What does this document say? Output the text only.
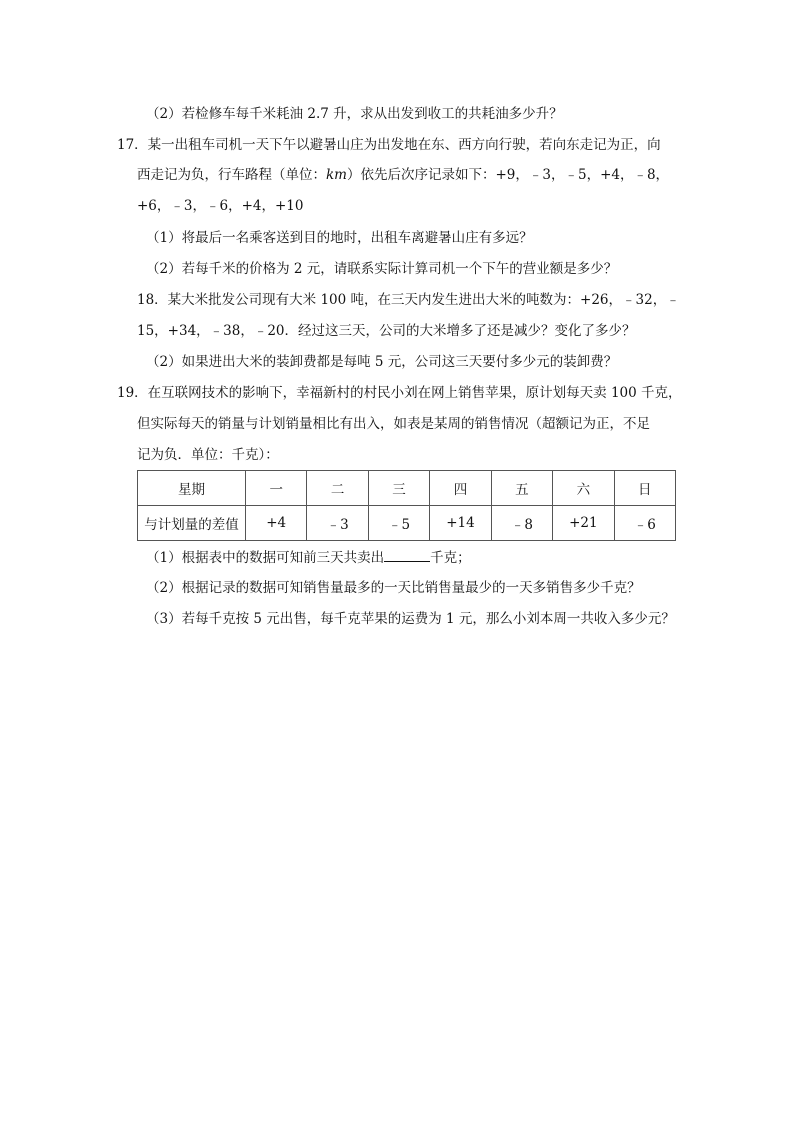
（2）若检修车每千米耗油 2.7 升，求从出发到收工的共耗油多少升？
17．某一出租车司机一天下午以避暑山庄为出发地在东、西方向行驶，若向东走记为正，向
西走记为负，行车路程（单位：km）依先后次序记录如下：+9，﹣3，﹣5，+4，﹣8，
+6，﹣3，﹣6，+4，+10
（1）将最后一名乘客送到目的地时，出租车离避暑山庄有多远？
（2）若每千米的价格为 2 元，请联系实际计算司机一个下午的营业额是多少？
18．某大米批发公司现有大米 100 吨，在三天内发生进出大米的吨数为：+26，﹣32，﹣
15，+34，﹣38，﹣20．经过这三天，公司的大米增多了还是减少？变化了多少？
（2）如果进出大米的装卸费都是每吨 5 元，公司这三天要付多少元的装卸费？
19．在互联网技术的影响下，幸福新村的村民小刘在网上销售苹果，原计划每天卖 100 千克，
但实际每天的销量与计划销量相比有出入，如表是某周的销售情况（超额记为正，不足
记为负．单位：千克）：
星期	一	二	三	四	五	六	日
与计划量的差值	+4	﹣3	﹣5	+14	﹣8	+21	﹣6
（1）根据表中的数据可知前三天共卖出	千克；
（2）根据记录的数据可知销售量最多的一天比销售量最少的一天多销售多少千克？
（3）若每千克按 5 元出售，每千克苹果的运费为 1 元，那么小刘本周一共收入多少元？
